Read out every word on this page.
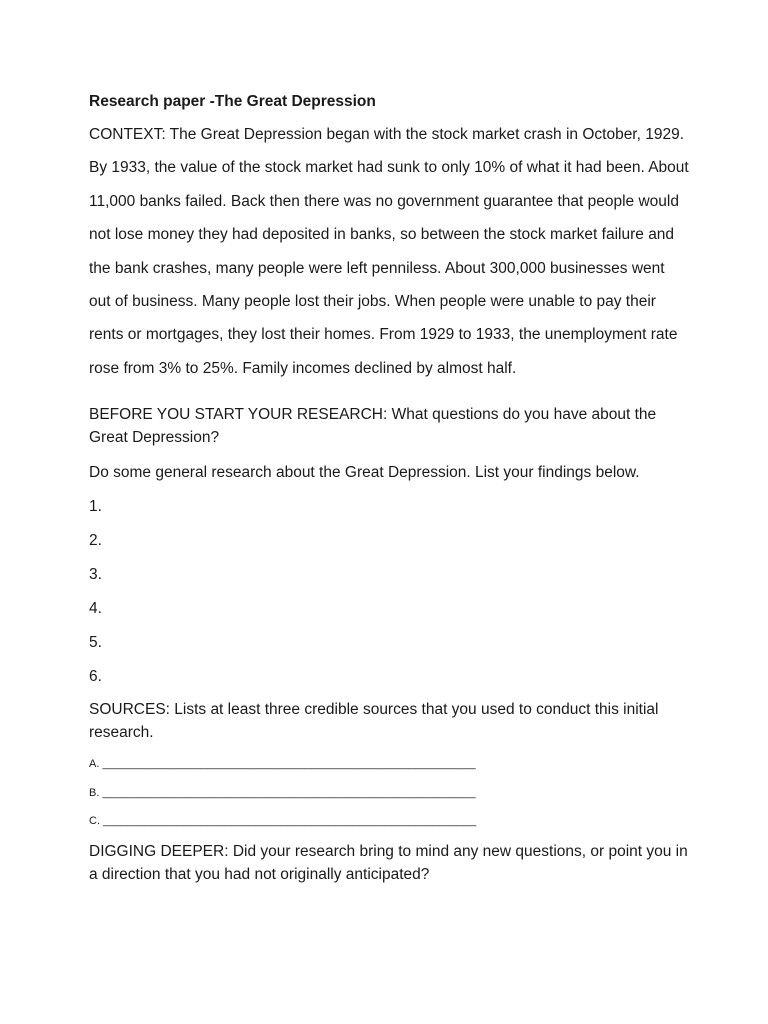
Research paper -The Great Depression

CONTEXT: The Great Depression began with the stock market crash in October, 1929. By 1933, the value of the stock market had sunk to only 10% of what it had been. About 11,000 banks failed. Back then there was no government guarantee that people would not lose money they had deposited in banks, so between the stock market failure and the bank crashes, many people were left penniless. About 300,000 businesses went out of business. Many people lost their jobs. When people were unable to pay their rents or mortgages, they lost their homes. From 1929 to 1933, the unemployment rate rose from 3% to 25%. Family incomes declined by almost half.

BEFORE YOU START YOUR RESEARCH: What questions do you have about the Great Depression?

Do some general research about the Great Depression. List your findings below.

1.
2.
3.
4.
5.
6.

SOURCES: Lists at least three credible sources that you used to conduct this initial research.

A. _____________________________________________________________
B. _____________________________________________________________
C. _____________________________________________________________

DIGGING DEEPER: Did your research bring to mind any new questions, or point you in a direction that you had not originally anticipated?
